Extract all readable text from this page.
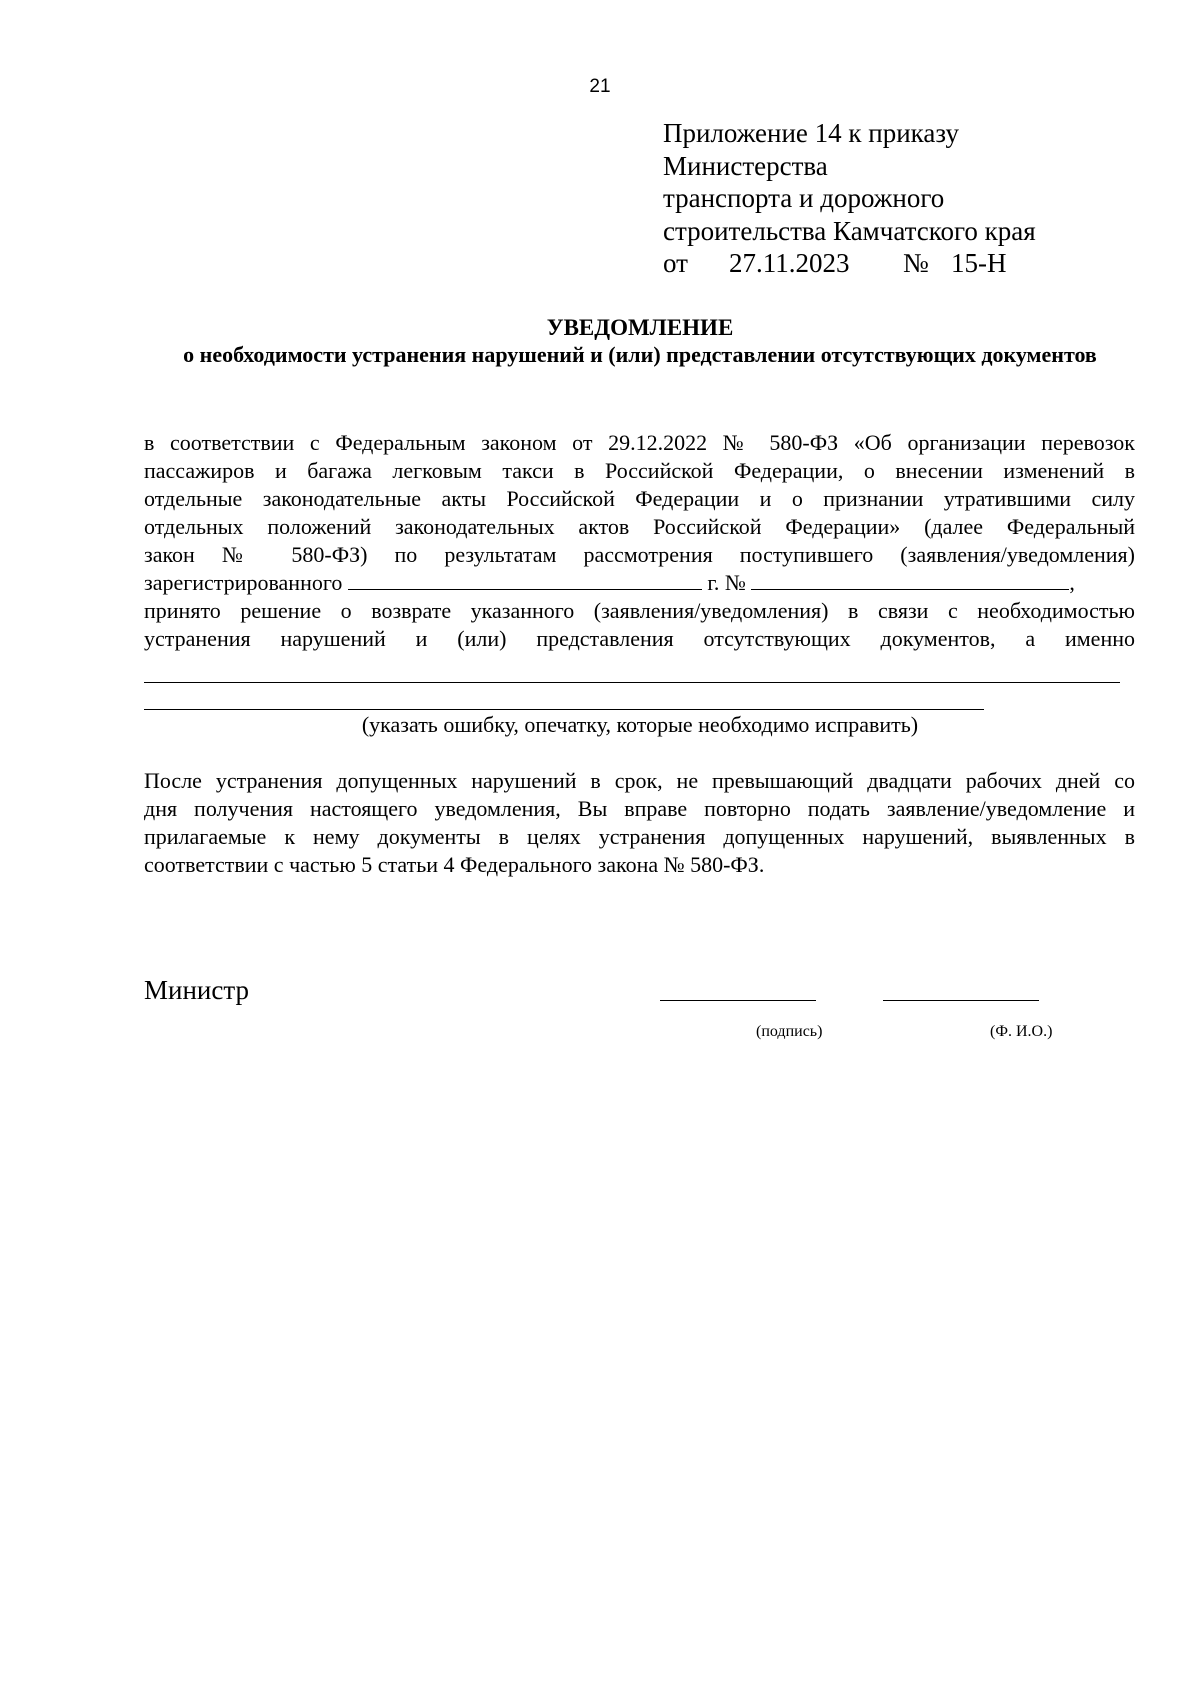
21
Приложение 14 к приказу
Министерства
транспорта и дорожного
строительства Камчатского края
от 27.11.2023 № 15-Н
УВЕДОМЛЕНИЕ
о необходимости устранения нарушений и (или) представлении отсутствующих документов
в соответствии с Федеральным законом от 29.12.2022 № 580-ФЗ «Об организации перевозок
пассажиров и багажа легковым такси в Российской Федерации, о внесении изменений в
отдельные законодательные акты Российской Федерации и о признании утратившими силу
отдельных положений законодательных актов Российской Федерации» (далее Федеральный
закон № 580-ФЗ) по результатам рассмотрения поступившего (заявления/уведомления)
зарегистрированного	г. №	,
принято решение о возврате указанного (заявления/уведомления) в связи с необходимостью
устранения нарушений и (или) представления отсутствующих документов, а именно
(указать ошибку, опечатку, которые необходимо исправить)
После устранения допущенных нарушений в срок, не превышающий двадцати рабочих дней со
дня получения настоящего уведомления, Вы вправе повторно подать заявление/уведомление и
прилагаемые к нему документы в целях устранения допущенных нарушений, выявленных в
соответствии с частью 5 статьи 4 Федерального закона № 580-ФЗ.
Министр
(подпись)	(Ф. И.О.)
